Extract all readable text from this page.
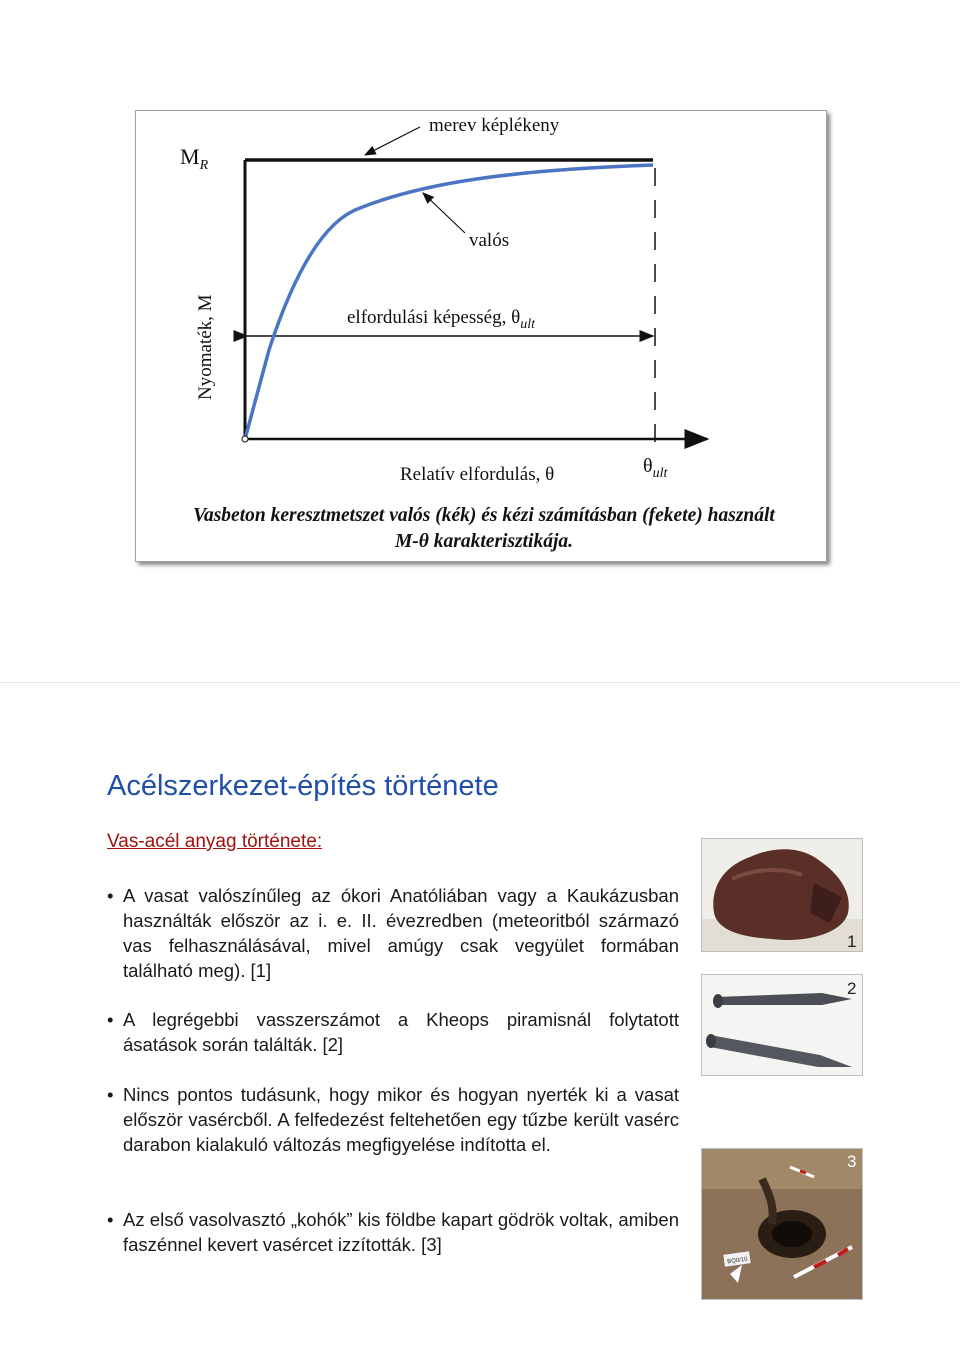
$M_R$
merev képlékeny
valós
elfordulási képesség, $\theta_{ult}$
Nyomaték, M
Relatív elfordulás, θ	$\theta_{ult}$
Vasbeton keresztmetszet valós (kék) és kézi számításban (fekete) használt
M-θ karakterisztikája.
Acélszerkezet-építés története
Vas-acél anyag története:
• A vasat valószínűleg az ókori Anatóliában vagy a Kaukázusban használták először az i. e. II. évezredben (meteoritból származó vas felhasználásával, mivel amúgy csak vegyület formában található meg). [1]
• A legrégebbi vasszerszámot a Kheops piramisnál folytatott ásatások során találták. [2]
• Nincs pontos tudásunk, hogy mikor és hogyan nyerték ki a vasat először vasércből. A felfedezést feltehetően egy tűzbe került vasérc darabon kialakuló változás megfigyelése indította el.
• Az első vasolvasztó „kohók” kis földbe kapart gödrök voltak, amiben faszénnel kevert vasércet izzították. [3]
1
2
BQ0/10
3
